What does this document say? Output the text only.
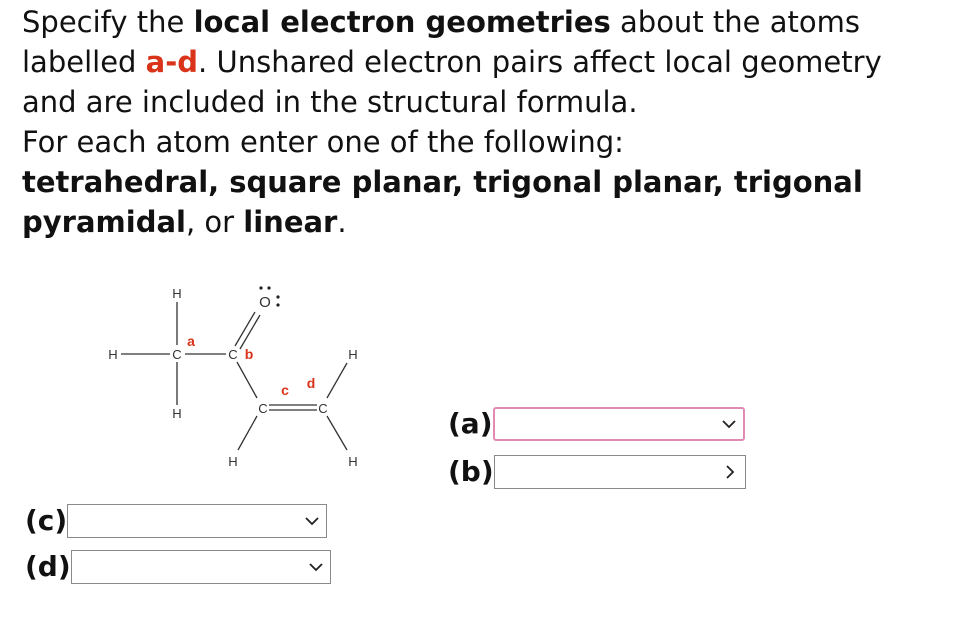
Specify the local electron geometries about the atoms

labelled a-d. Unshared electron pairs affect local geometry

and are included in the structural formula.

For each atom enter one of the following:

tetrahedral, square planar, trigonal planar, trigonal

pyramidal, or linear.

H
H	C
H
C
O
C	C
H
H
H
a
b
c d
(a)
(b)
(c)
(d)
